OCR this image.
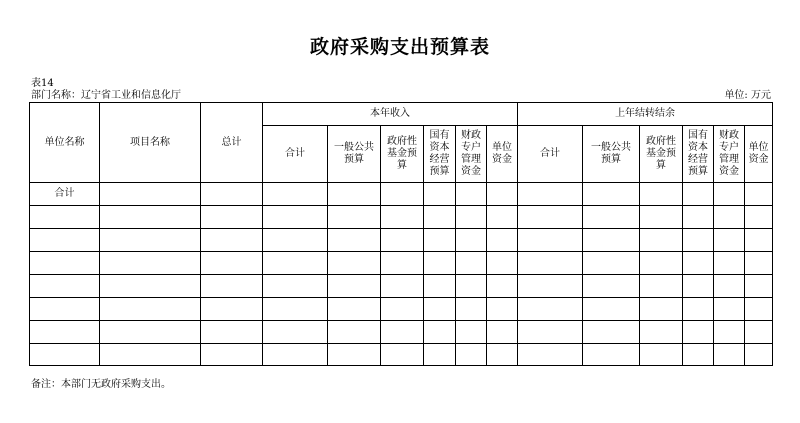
政府采购支出预算表
表14
部门名称：辽宁省工业和信息化厅	单位: 万元
单位名称	项目名称	总计	本年收入						上年结转结余					
			合计	一般公共预算	政府性基金预算	国有资本经营预算	财政专户管理资金	单位资金	合计	一般公共预算	政府性基金预算	国有资本经营预算	财政专户管理资金	单位资金
合计														

备注：本部门无政府采购支出。
